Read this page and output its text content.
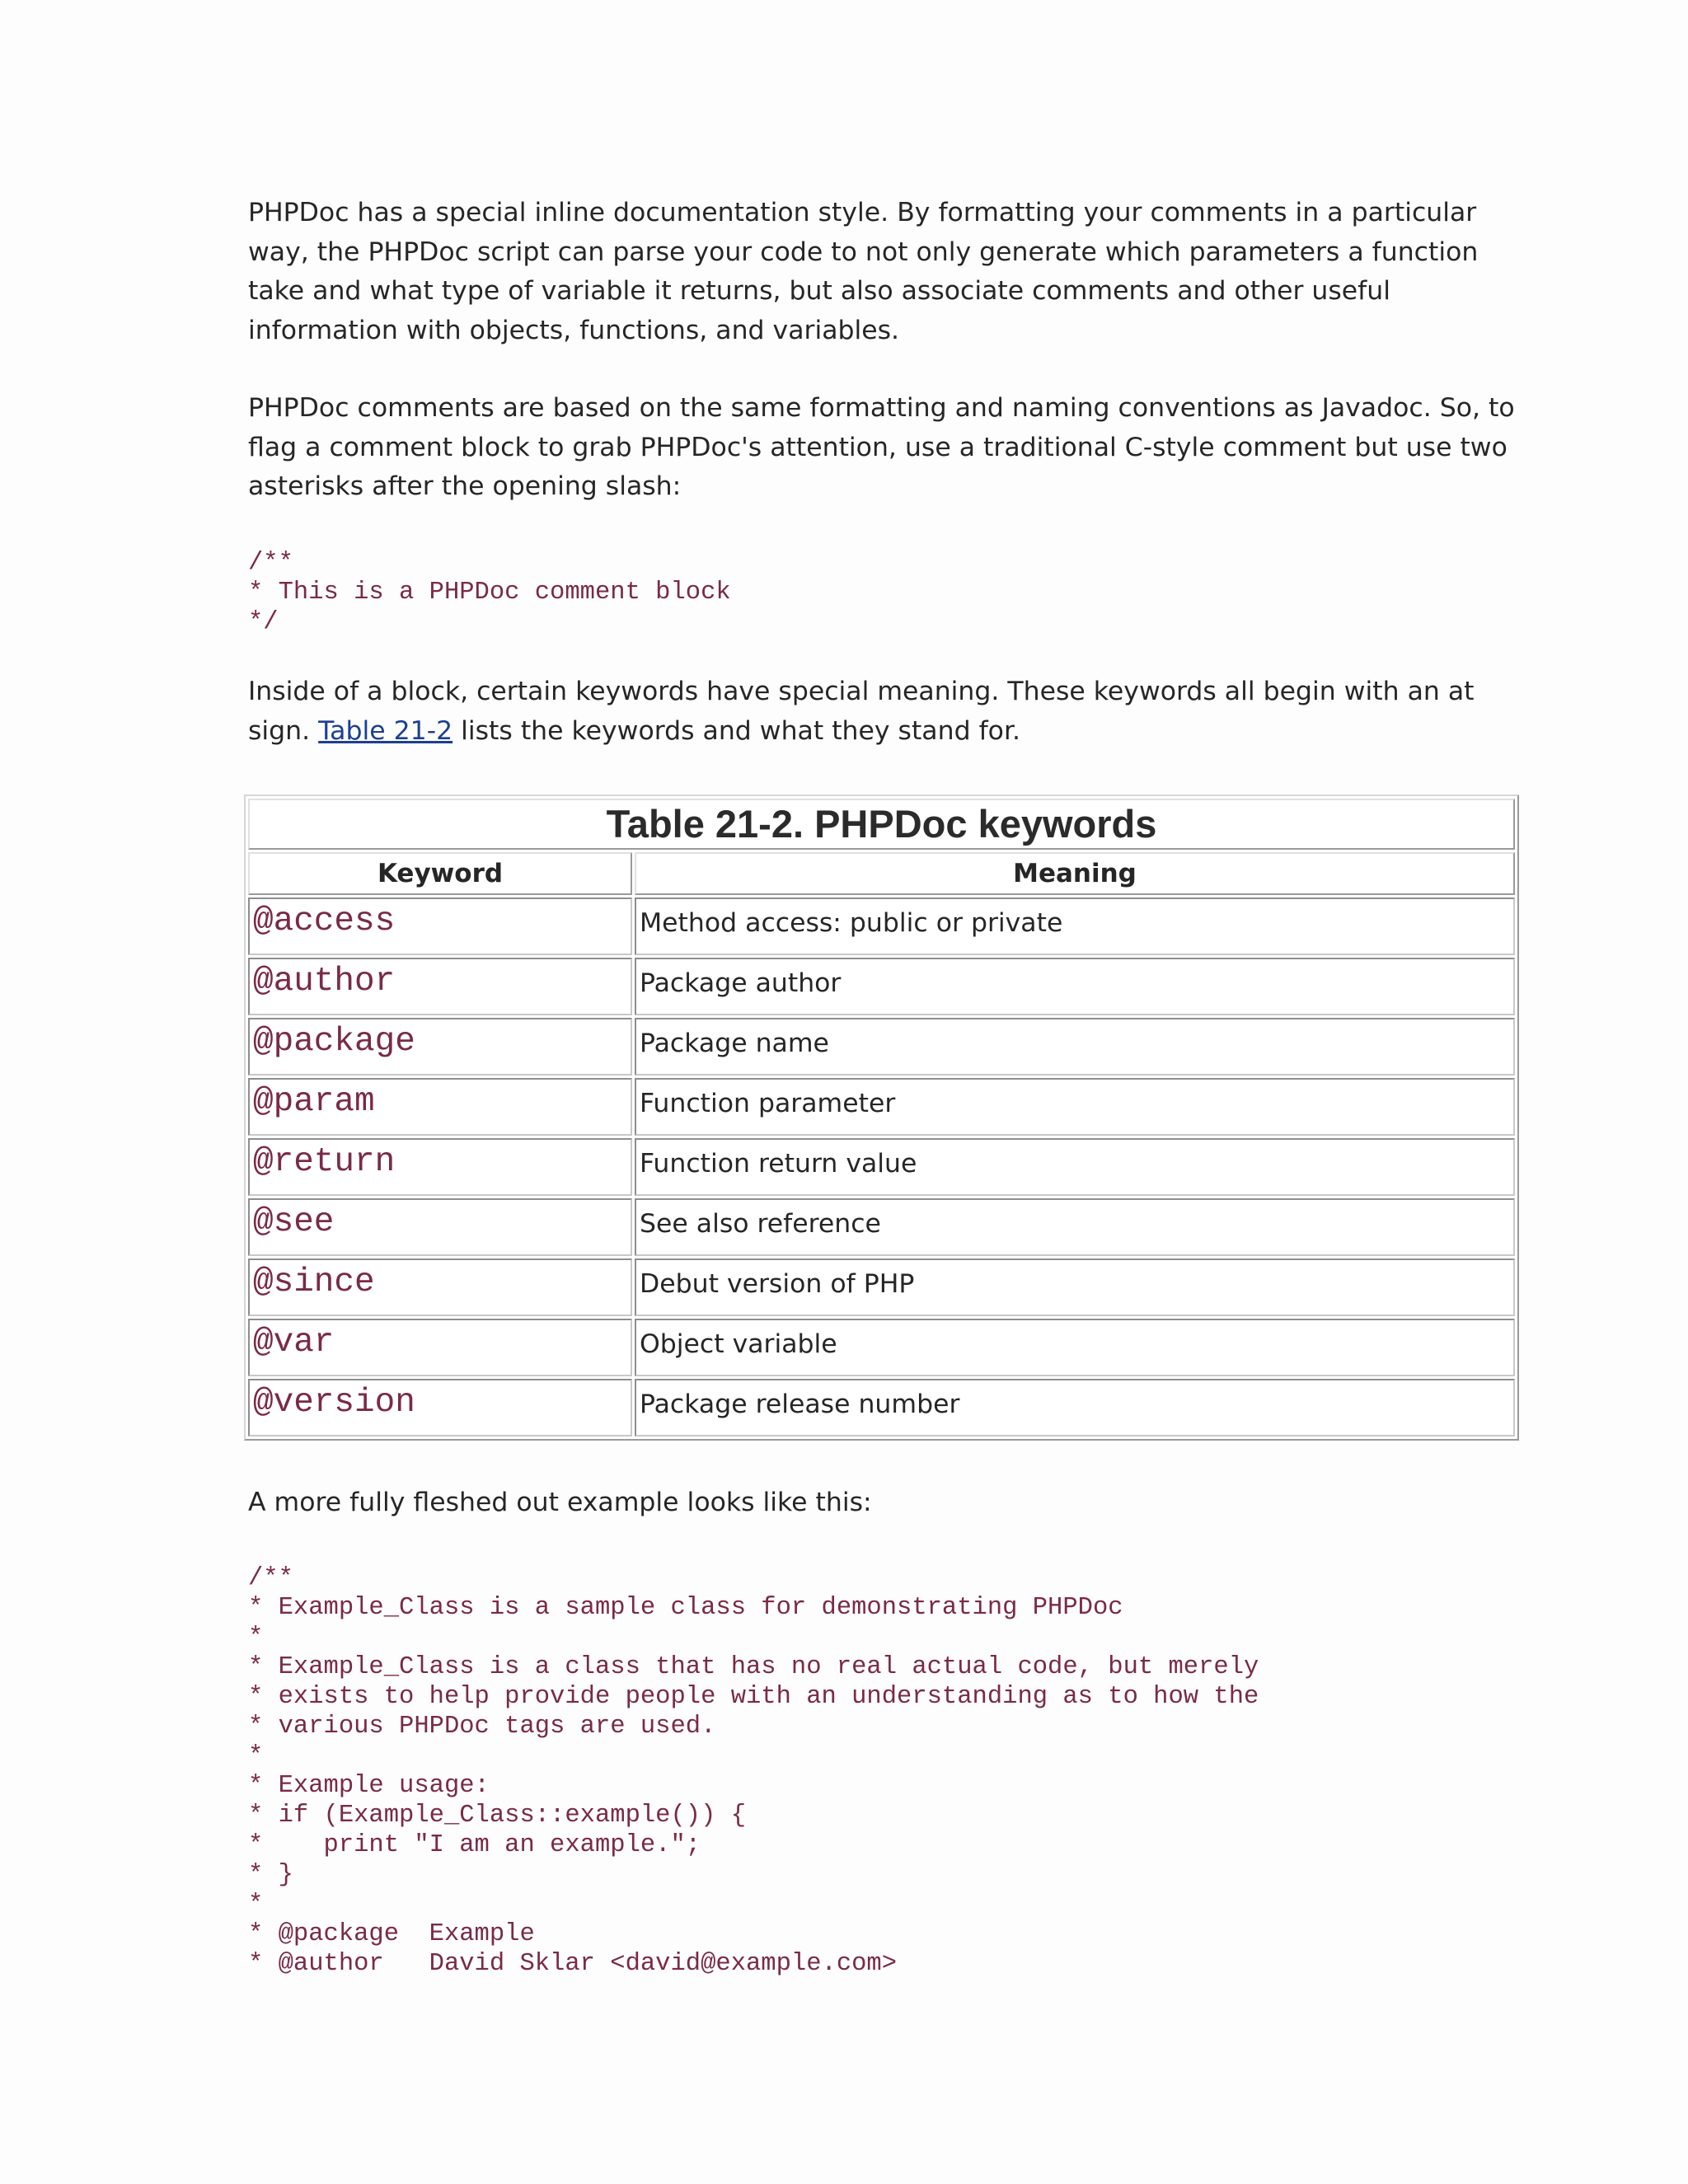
PHPDoc has a special inline documentation style. By formatting your comments in a particular way, the PHPDoc script can parse your code to not only generate which parameters a function take and what type of variable it returns, but also associate comments and other useful information with objects, functions, and variables.

PHPDoc comments are based on the same formatting and naming conventions as Javadoc. So, to flag a comment block to grab PHPDoc's attention, use a traditional C-style comment but use two asterisks after the opening slash:

/**
* This is a PHPDoc comment block
*/

Inside of a block, certain keywords have special meaning. These keywords all begin with an at sign. Table 21-2 lists the keywords and what they stand for.

Table 21-2. PHPDoc keywords	
Keyword	Meaning
@access	Method access: public or private
@author	Package author
@package	Package name
@param	Function parameter
@return	Function return value
@see	See also reference
@since	Debut version of PHP
@var	Object variable
@version	Package release number

A more fully fleshed out example looks like this:

/**
* Example_Class is a sample class for demonstrating PHPDoc
*
* Example_Class is a class that has no real actual code, but merely
* exists to help provide people with an understanding as to how the
* various PHPDoc tags are used.
*
* Example usage:
* if (Example_Class::example()) {
*    print "I am an example.";
* }
*
* @package  Example
* @author   David Sklar <david@example.com>
